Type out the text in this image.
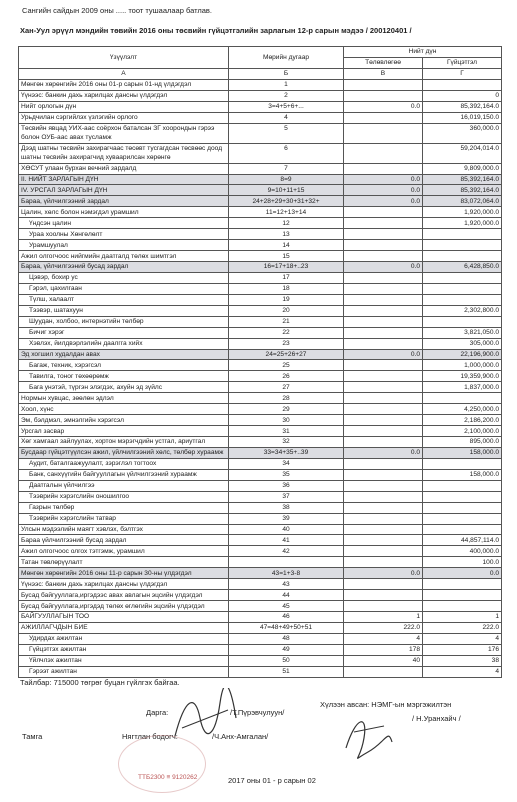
Сангийн сайдын 2009 оны ..... тоот тушаалаар батлав.
Хан-Уул эрүүл мэндийн төвийн 2016 оны төсвийн гүйцэтгэлийн зарлагын 12-р сарын мэдээ / 200120401 /
Үзүүлэлт	Мөрийн дугаар	Нийт дүн	
		Төлөвлөгөө	Гүйцэтгэл
А	Б	В	Г
Мөнгөн хөрөнгийн 2016 оны 01-р сарын 01-нд үлдэгдэл	1		
Үүнээс: банкин дахь харилцах дансны үлдэгдэл	2		0
Нийт орлогын дүн	3=4+5+6+...	0.0	85,392,164.0
Урьдчилан сэргийлэх үзлэгийн орлого	4		16,019,150.0
Төсвийн явцад УИХ-аас соёрхон баталсан ЗГ хоорондын гэрээ болон ОУБ-аас авах тусламж	5		360,000.0
Дээд шатны төсвийн захирагчаас төсөвт тусгагдсан төсвөөс доод шатны төсвийн захирагчид хуваарилсан хөрөнгө	6		59,204,014.0
ХӨСУТ улаан бурхан вечний зардалд	7		9,809,000.0
II. НИЙТ ЗАРЛАГЫН ДҮН	8=9	0.0	85,392,164.0
IV. УРСГАЛ ЗАРЛАГЫН ДҮН	9=10+11+15	0.0	85,392,164.0
Бараа, үйлчилгээний зардал	24+28+29+30+31+32+	0.0	83,072,064.0
Цалин, хөлс болон нэмэгдэл урамшил	11=12+13+14		1,920,000.0
Үндсэн цалин	12		1,920,000.0
Ураа хоолны Хөнгөлөлт	13		
Урамшуулал	14		
Ажил олгогчоос нийгмийн даатгалд төлөх шимтгэл	15		
Бараа, үйлчилгээний бусад зардал	16=17+18+..23	0.0	6,428,850.0
Цэвэр, бохир ус	17		
Гэрэл, цахилгаан	18		
Түлш, халаалт	19		
Тээвэр, шатахуун	20		2,302,800.0
Шуудан, холбоо, интернэтийн төлбөр	21		
Бичиг хэрэг	22		3,821,050.0
Хэвлэх, йилдвэрлэлийн даалгга хийх	23		305,000.0
Эд хогшил худалдан авах	24=25+26+27	0.0	22,196,900.0
Багаж, техник, хэрэгсэл	25		1,000,000.0
Тавилга, тоног төхөөрөмж	26		19,359,900.0
Бага унэтэй, түргэн элэгдэх, ахуйн эд зүйлс	27		1,837,000.0
Нормын хувцас, зөөлөн эдлэл	28		
Хоол, хүнс	29		4,250,000.0
Эм, бэлдмэл, эмнэлгийн хэрэгсэл	30		2,186,200.0
Урсгал засвар	31		2,100,000.0
Хөг хамгаал зайлуулах, хортон мэрэгчдийн устгал, ариутгал	32		895,000.0
Бусдаар гүйцэтгүүлсэн ажил, үйлчилгээний хөлс, төлбөр хураамж	33=34+35+..39	0.0	158,000.0
Аудит, баталгаажуулалт, зэрэглэл тогтоох	34		
Банк, санхүүгийн байгууллагын үйлчилгээний хураамж	35		158,000.0
Даатгалын үйлчилгээ	36		
Тээврийн хэрэгслийн оношилгоо	37		
Газрын төлбөр	38		
Тээврийн хэрэгслийн татвар	39		
Улсын мэдээлийн маягт хэвлэх, бэлтгэх	40		
Бараа үйлчилгээний бусад зардал	41		44,857,114.0
Ажил олгогчоос олгох тэтгэмж, урамшил	42		400,000.0
Татан төвлөрүүлалт			100.0
Мөнгөн хөрөнгийн 2016 оны 11-р сарын 30-ны үлдэгдэл	43=1+3-8	0.0	0.0
Үүнээс: банкин дахь харилцах дансны үлдэгдэл	43		
Бусад байгууллага,иргэдээс авах авлагын эцсийн үлдэгдэл	44		
Бусад байгууллага,иргэдэд төлөх өглөгийн эцсийн үлдэгдэл	45		
БАЙГУУЛЛАГЫН ТОО	46	1	1
АЖИЛЛАГЧДЫН БИЕ	47=48+49+50+51	222.0	222.0
Удирдах ажилтан	48	4	4
Гүйцэтгэх ажилтан	49	178	176
Үйлчлэх ажилтан	50	40	38
Гэрээт ажилтан	51		4
Тайлбар: 715000 төгрөг буцан гүйлгэх байгаа.
Дарга:	/Т.Пүрэвчулуун/
Тамга	Нягтлан бодогч:	/Ч.Анх-Амгалан/
Хүлээн авсан: НЭМГ-ын мэргэжилтэн
/ Н.Уранхайч /
2017 оны 01 - р сарын 02
ТТБ2300 ≡ 9120262
